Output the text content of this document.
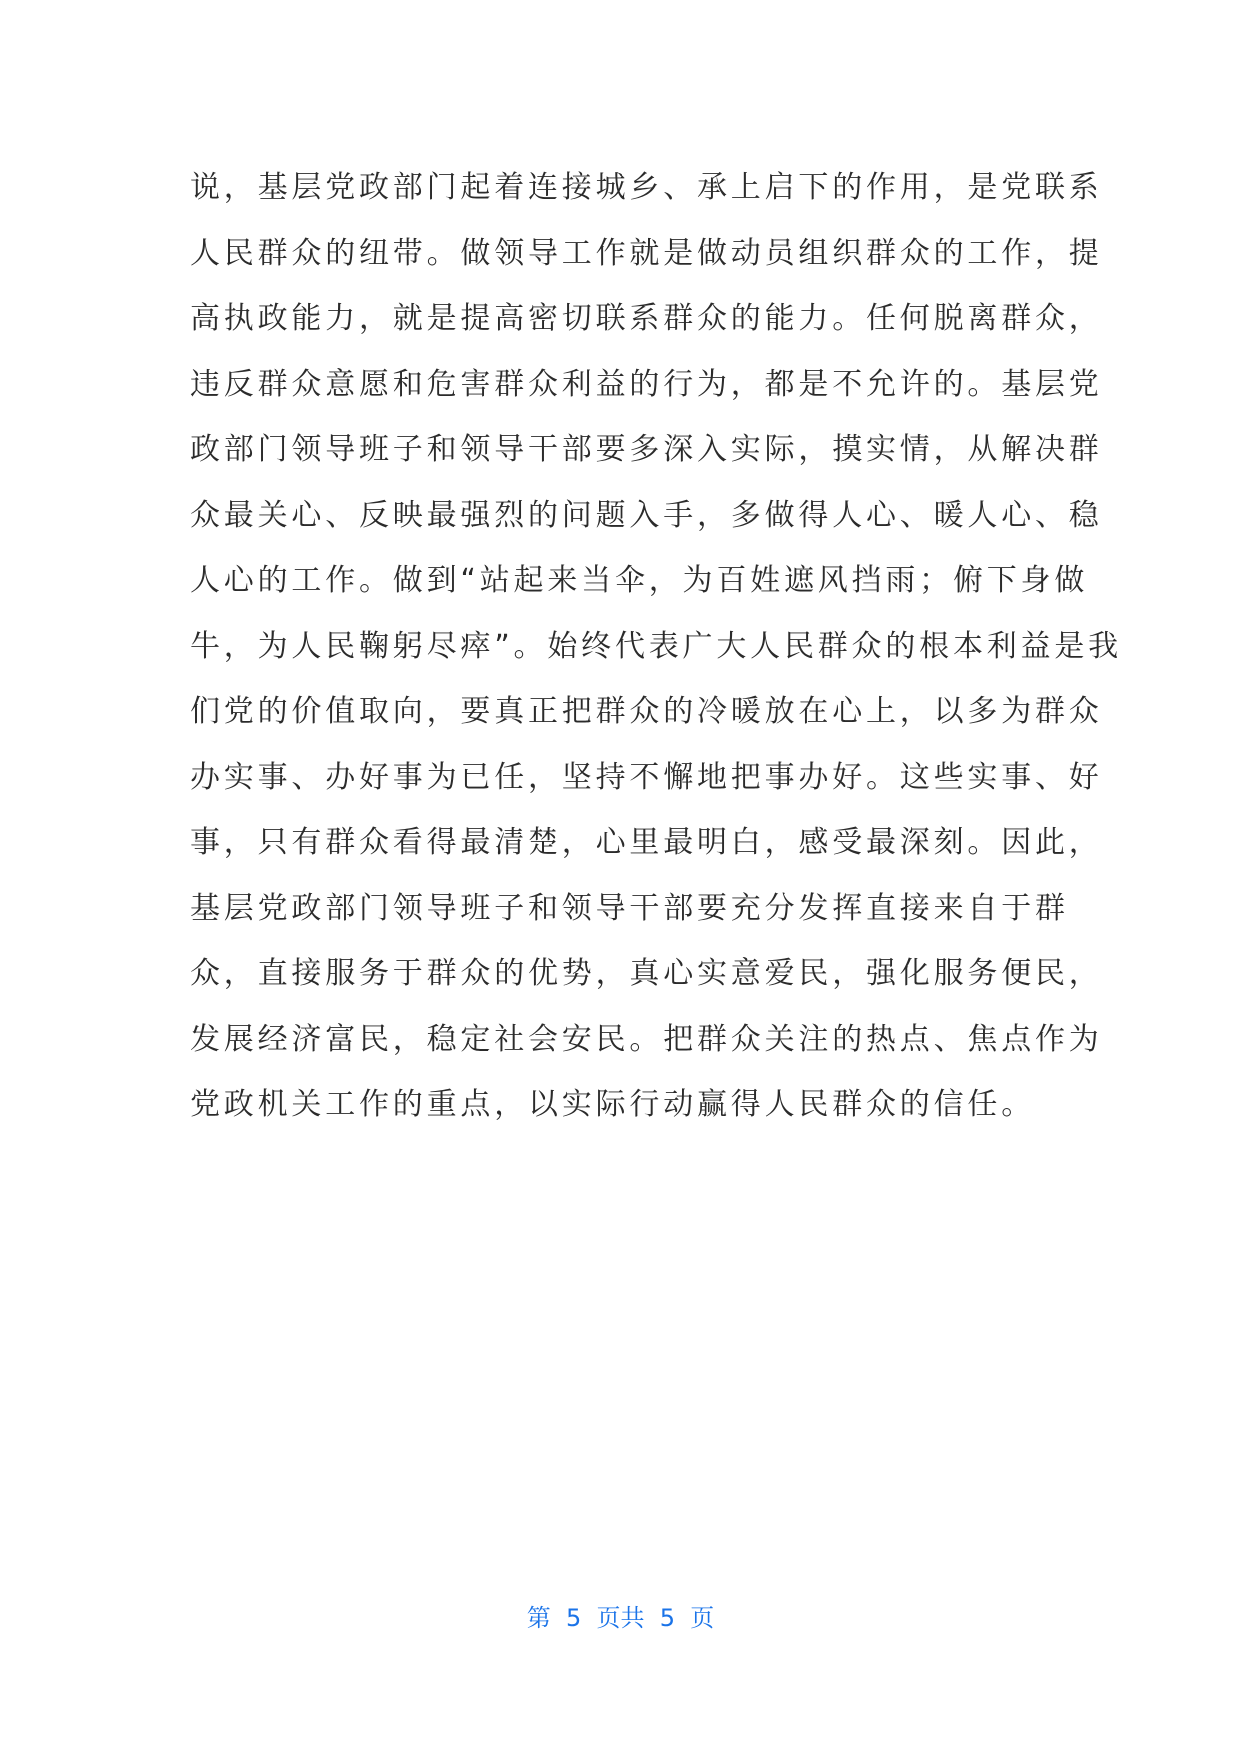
说，基层党政部门起着连接城乡、承上启下的作用，是党联系
人民群众的纽带。做领导工作就是做动员组织群众的工作，提
高执政能力，就是提高密切联系群众的能力。任何脱离群众，
违反群众意愿和危害群众利益的行为，都是不允许的。基层党
政部门领导班子和领导干部要多深入实际，摸实情，从解决群
众最关心、反映最强烈的问题入手，多做得人心、暖人心、稳
人心的工作。做到“站起来当伞，为百姓遮风挡雨；俯下身做
牛，为人民鞠躬尽瘁”。始终代表广大人民群众的根本利益是我
们党的价值取向，要真正把群众的冷暖放在心上，以多为群众
办实事、办好事为已任，坚持不懈地把事办好。这些实事、好
事，只有群众看得最清楚，心里最明白，感受最深刻。因此，
基层党政部门领导班子和领导干部要充分发挥直接来自于群
众，直接服务于群众的优势，真心实意爱民，强化服务便民，
发展经济富民，稳定社会安民。把群众关注的热点、焦点作为
党政机关工作的重点，以实际行动赢得人民群众的信任。
第  5  页共  5  页
